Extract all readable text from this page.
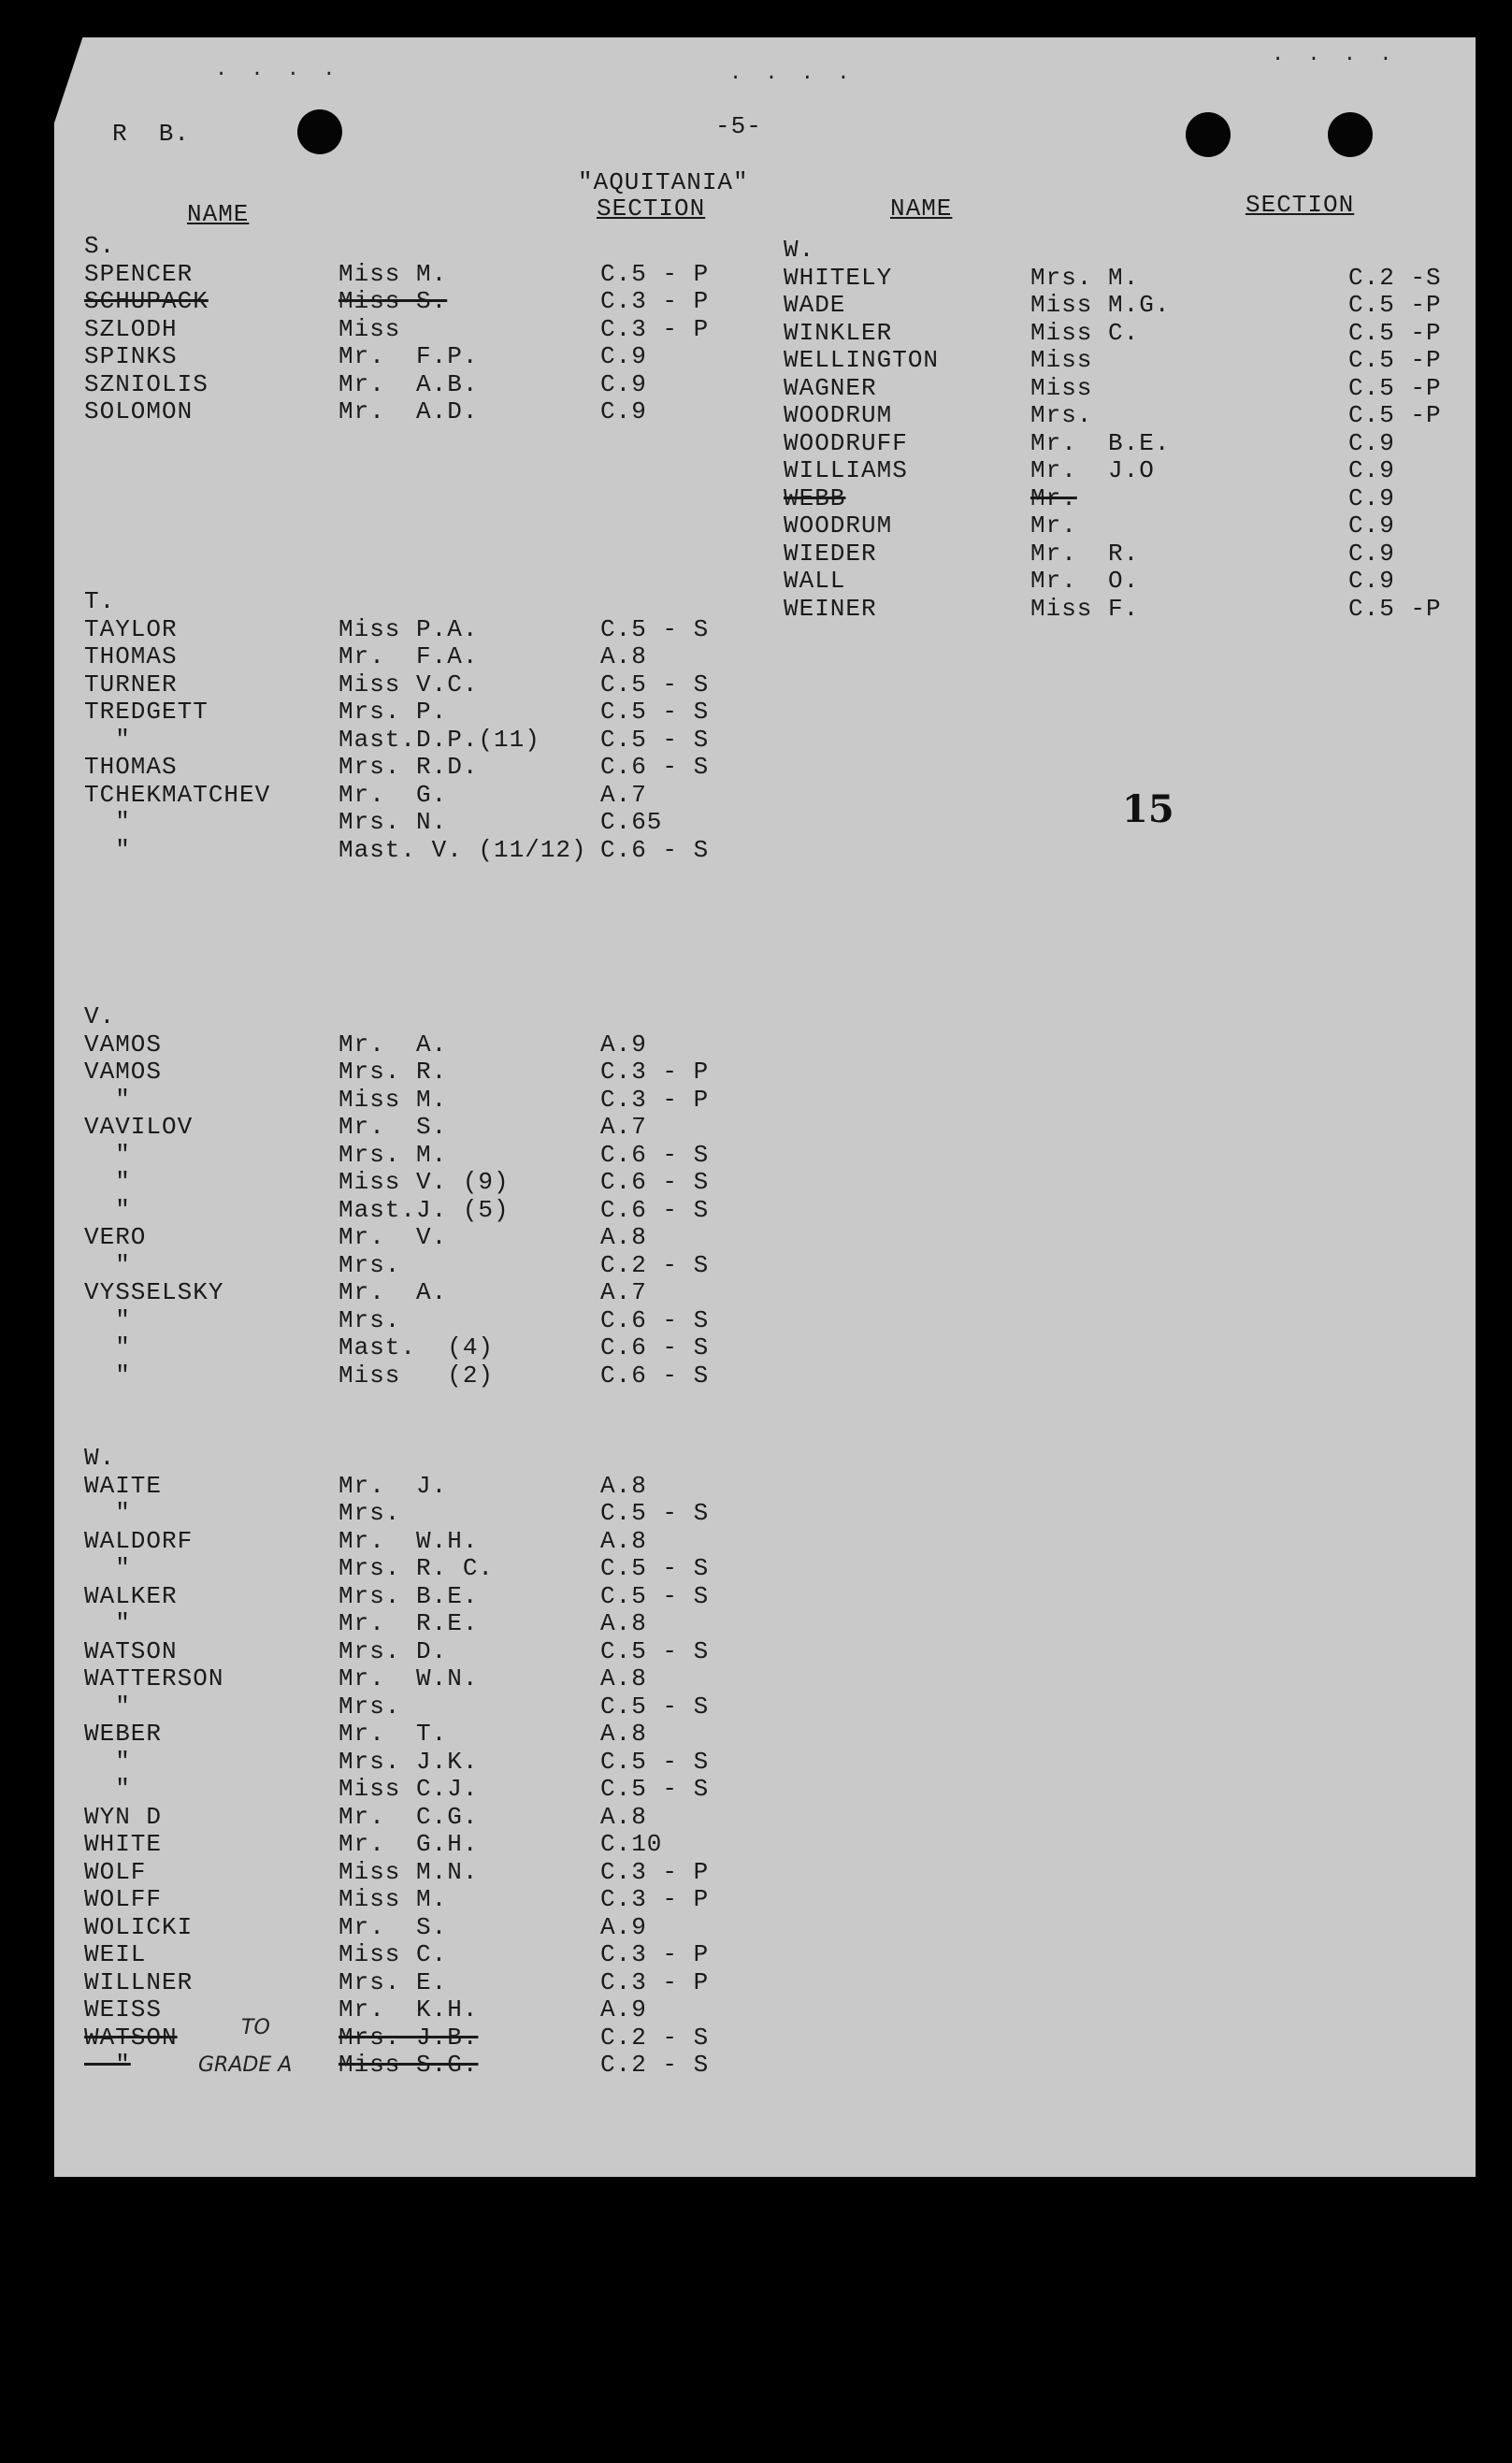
. . . .	. . . .
. . . .
R  B.	-5-
"AQUITANIA"
NAME	SECTION	NAME	SECTION
15
TO
GRADE A
S.
SPENCER	Miss M.	C.5 - P
SCHUPACK	Miss S.	C.3 - P
SZLODH	Miss	C.3 - P
SPINKS	Mr.  F.P.	C.9
SZNIOLIS	Mr.  A.B.	C.9
SOLOMON	Mr.  A.D.	C.9
T.
TAYLOR	Miss P.A.	C.5 - S
THOMAS	Mr.  F.A.	A.8
TURNER	Miss V.C.	C.5 - S
TREDGETT	Mrs. P.	C.5 - S
"	Mast.D.P.(11) C.5 - S
THOMAS	Mrs. R.D.	C.6 - S
TCHEKMATCHEV	Mr.  G.	A.7
"	Mrs. N.	C.65
"	Mast. V. (11/12) C.6 - S
V.
VAMOS	Mr.  A.	A.9
VAMOS	Mrs. R.	C.3 - P
"	Miss M.	C.3 - P
VAVILOV	Mr.  S.	A.7
"	Mrs. M.	C.6 - S
"	Miss V. (9)	C.6 - S
"	Mast.J. (5)	C.6 - S
VERO	Mr.  V.	A.8
"	Mrs.	C.2 - S
VYSSELSKY	Mr.  A.	A.7
"	Mrs.	C.6 - S
"	Mast.  (4)	C.6 - S
"	Miss   (2)	C.6 - S
W.
WAITE	Mr.  J.	A.8
"	Mrs.	C.5 - S
WALDORF	Mr.  W.H.	A.8
"	Mrs. R. C.	C.5 - S
WALKER	Mrs. B.E.	C.5 - S
"	Mr.  R.E.	A.8
WATSON	Mrs. D.	C.5 - S
WATTERSON	Mr.  W.N.	A.8
"	Mrs.	C.5 - S
WEBER	Mr.  T.	A.8
"	Mrs. J.K.	C.5 - S
"	Miss C.J.	C.5 - S
WYN D	Mr.  C.G.	A.8
WHITE	Mr.  G.H.	C.10
WOLF	Miss M.N.	C.3 - P
WOLFF	Miss M.	C.3 - P
WOLICKI	Mr.  S.	A.9
WEIL	Miss C.	C.3 - P
WILLNER	Mrs. E.	C.3 - P
WEISS	Mr.  K.H.	A.9
WATSON	Mrs. J.B.	C.2 - S
"	Miss S.G.	C.2 - S
W.
WHITELY	Mrs. M.	C.2 -S
WADE	Miss M.G.	C.5 -P
WINKLER	Miss C.	C.5 -P
WELLINGTON	Miss	C.5 -P
WAGNER	Miss	C.5 -P
WOODRUM	Mrs.	C.5 -P
WOODRUFF	Mr.  B.E.	C.9
WILLIAMS	Mr.  J.O	C.9
WEBB	Mr.	C.9
WOODRUM	Mr.	C.9
WIEDER	Mr.  R.	C.9
WALL	Mr.  O.	C.9
WEINER	Miss F.	C.5 -P
